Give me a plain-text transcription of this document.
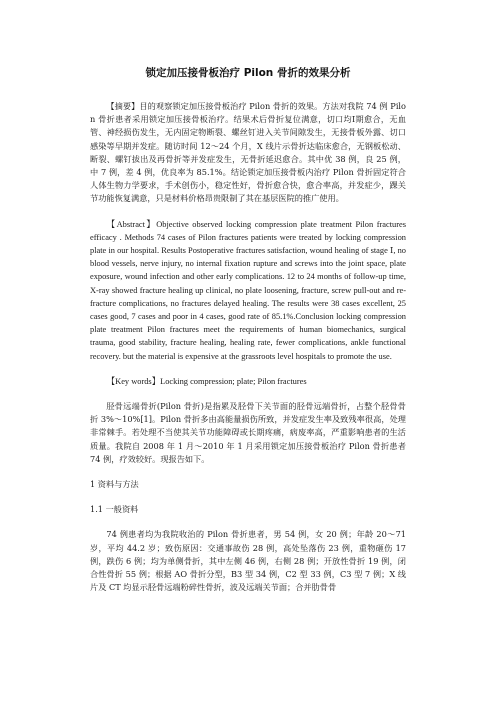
锁定加压接骨板治疗 Pilon 骨折的效果分析

【摘要】目的观察锁定加压接骨板治疗 Pilon 骨折的效果。方法对我院 74 例 Pilon 骨折患者采用锁定加压接骨板治疗。结果术后骨折复位满意，切口均Ⅰ期愈合，无血管、神经损伤发生，无内固定物断裂、螺丝钉进入关节间隙发生，无接骨板外露、切口感染等早期并发症。随访时间 12～24 个月，X 线片示骨折达临床愈合，无钢板松动、断裂、螺钉拔出及再骨折等并发症发生，无骨折延迟愈合。其中优 38 例，良 25 例，中 7 例，差 4 例，优良率为 85.1%。结论锁定加压接骨板内治疗 Pilon 骨折固定符合人体生物力学要求，手术创伤小，稳定性好，骨折愈合快，愈合率高，并发症少，踝关节功能恢复满意，只是材料价格昂贵限制了其在基层医院的推广使用。

【Abstract】Objective observed locking compression plate treatment Pilon fractures efficacy . Methods 74 cases of Pilon fractures patients were treated by locking compression plate in our hospital. Results Postoperative fractures satisfaction, wound healing of stage Ⅰ, no blood vessels, nerve injury, no internal fixation rupture and screws into the joint space, plate exposure, wound infection and other early complications. 12 to 24 months of follow-up time, X-ray showed fracture healing up clinical, no plate loosening, fracture, screw pull-out and re-fracture complications, no fractures delayed healing. The results were 38 cases excellent, 25 cases good, 7 cases and poor in 4 cases, good rate of 85.1%.Conclusion locking compression plate treatment Pilon fractures meet the requirements of human biomechanics, surgical trauma, good stability, fracture healing, healing rate, fewer complications, ankle functional recovery. but the material is expensive at the grassroots level hospitals to promote the use.

【Key words】Locking compression; plate; Pilon fractures

胫骨远端骨折(Pilon 骨折)是指累及胫骨下关节面的胫骨远端骨折，占整个胫骨骨折 3%～10%[1]。Pilon 骨折多由高能量损伤所致，并发症发生率及致残率很高，处理非常棘手。若处理不当使其关节功能障碍或长期疼痛，病废率高，严重影响患者的生活质量。我院自 2008 年 1 月～2010 年 1 月采用锁定加压接骨板治疗 Pilon 骨折患者 74 例，疗效较好。现报告如下。

1 资料与方法

1.1 一般资料

74 例患者均为我院收治的 Pilon 骨折患者，男 54 例，女 20 例；年龄 20～71 岁，平均 44.2 岁；致伤原因：交通事故伤 28 例，高处坠落伤 23 例，重物砸伤 17 例，跌伤 6 例；均为单侧骨折，其中左侧 46 例，右侧 28 例；开放性骨折 19 例，闭合性骨折 55 例；根据 AO 骨折分型，B3 型 34 例，C2 型 33 例，C3 型 7 例；X 线片及 CT 均显示胫骨远端粉碎性骨折，波及远端关节面；合并肋骨骨
